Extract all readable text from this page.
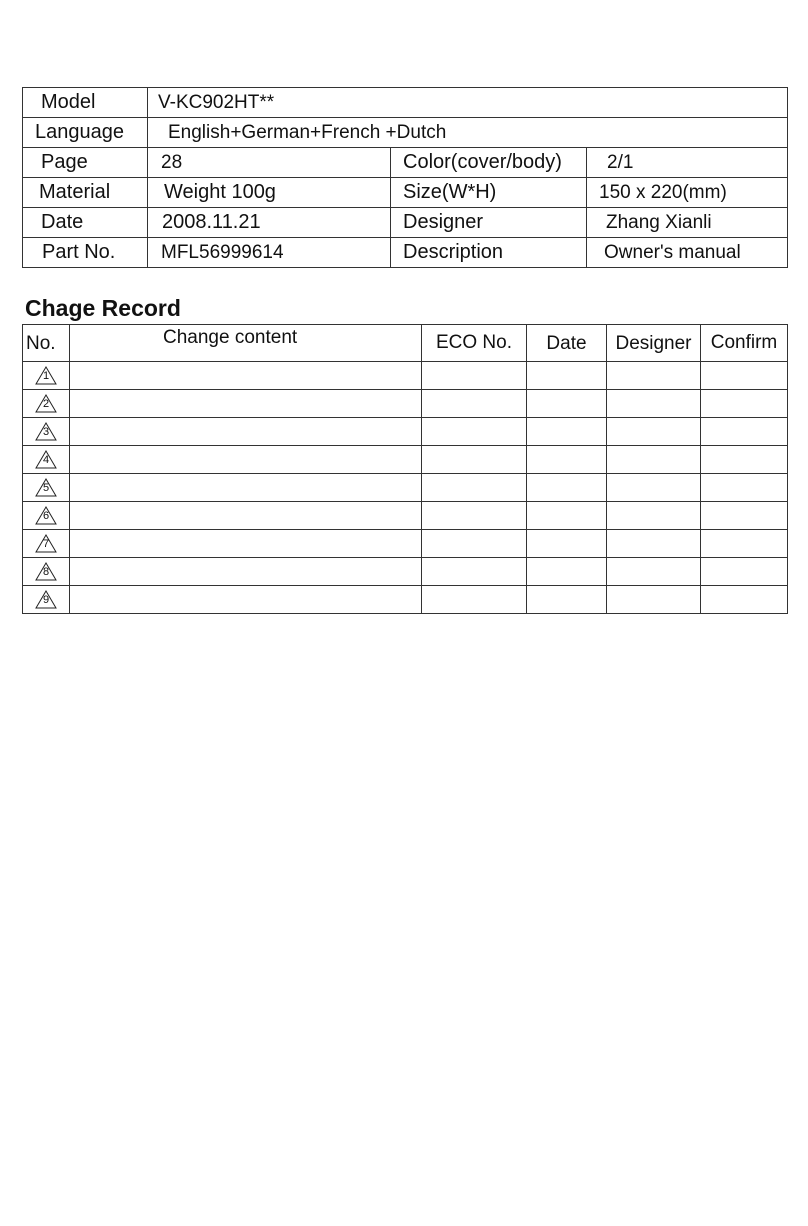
Model	V-KC902HT**		
Language	English+German+French +Dutch		
Page	28	Color(cover/body)	2/1
Material	Weight 100g	Size(W*H)	150 x 220(mm)
Date	2008.11.21	Designer	Zhang Xianli
Part No.	MFL56999614	Description	Owner's manual
Chage Record
No.	Change content	ECO No.	Date	Designer	Confirm

1					

2					

3					

4					

5					

6					

7					

8					

9					
